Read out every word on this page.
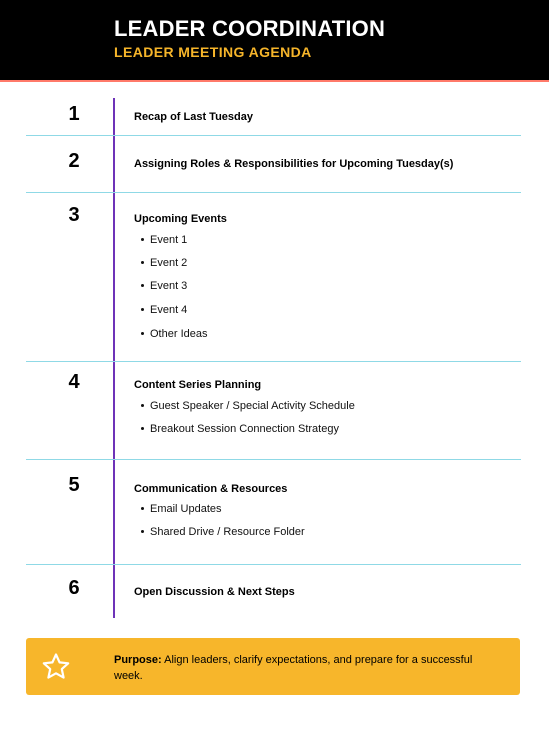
LEADER COORDINATION
LEADER MEETING AGENDA
1	Recap of Last Tuesday
2	Assigning Roles & Responsibilities for Upcoming Tuesday(s)
3	Upcoming Events
Event 1
Event 2
Event 3
Event 4
Other Ideas
4	Content Series Planning
Guest Speaker / Special Activity Schedule
Breakout Session Connection Strategy
5	Communication & Resources
Email Updates
Shared Drive / Resource Folder
6	Open Discussion & Next Steps
Purpose: Align leaders, clarify expectations, and prepare for a successful week.
